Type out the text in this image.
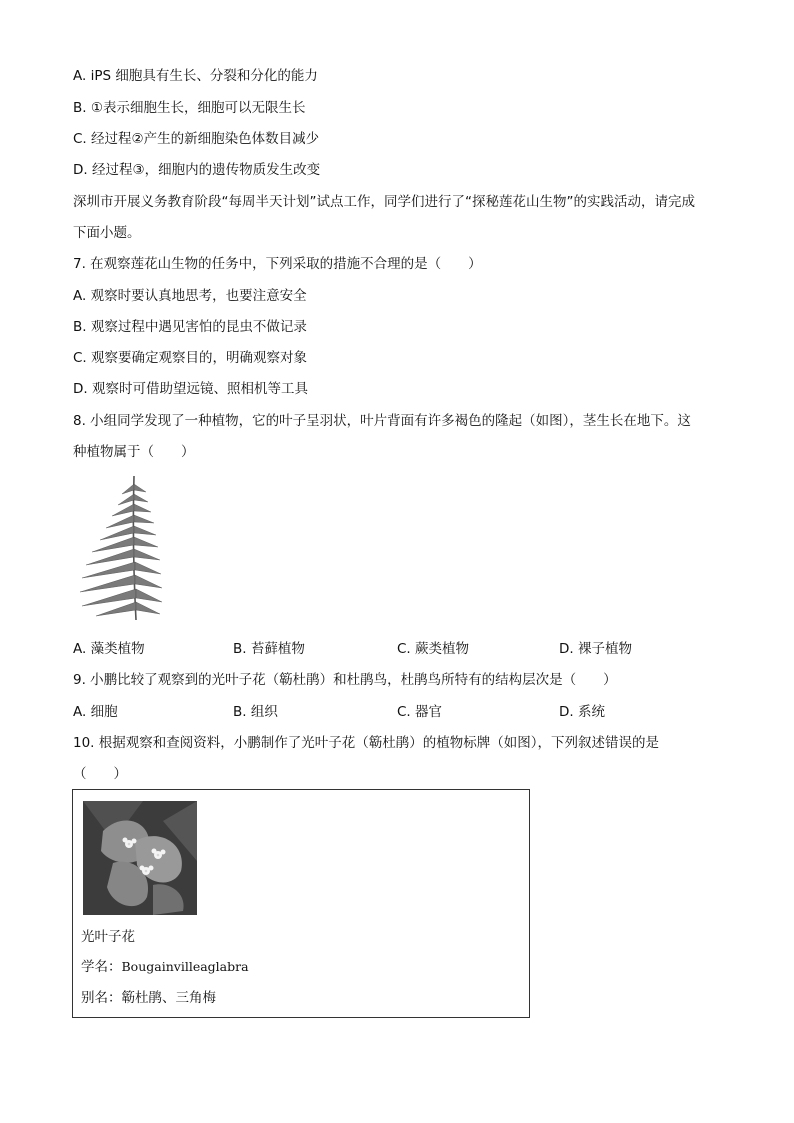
A. iPS 细胞具有生长、分裂和分化的能力
B. ①表示细胞生长，细胞可以无限生长
C. 经过程②产生的新细胞染色体数目减少
D. 经过程③，细胞内的遗传物质发生改变
深圳市开展义务教育阶段“每周半天计划”试点工作，同学们进行了“探秘莲花山生物”的实践活动，请完成
下面小题。
7. 在观察莲花山生物的任务中，下列采取的措施不合理的是（　　）
A. 观察时要认真地思考，也要注意安全
B. 观察过程中遇见害怕的昆虫不做记录
C. 观察要确定观察目的，明确观察对象
D. 观察时可借助望远镜、照相机等工具
8. 小组同学发现了一种植物，它的叶子呈羽状，叶片背面有许多褐色的隆起（如图），茎生长在地下。这
种植物属于（　　）
A. 藻类植物	B. 苔藓植物	C. 蕨类植物	D. 裸子植物
9. 小鹏比较了观察到的光叶子花（簕杜鹃）和杜鹃鸟，杜鹃鸟所特有的结构层次是（　　）
A. 细胞	B. 组织	C. 器官	D. 系统
10. 根据观察和查阅资料，小鹏制作了光叶子花（簕杜鹃）的植物标牌（如图），下列叙述错误的是
（　　）
光叶子花
学名：Bougainvilleaglabra
别名：簕杜鹃、三角梅
